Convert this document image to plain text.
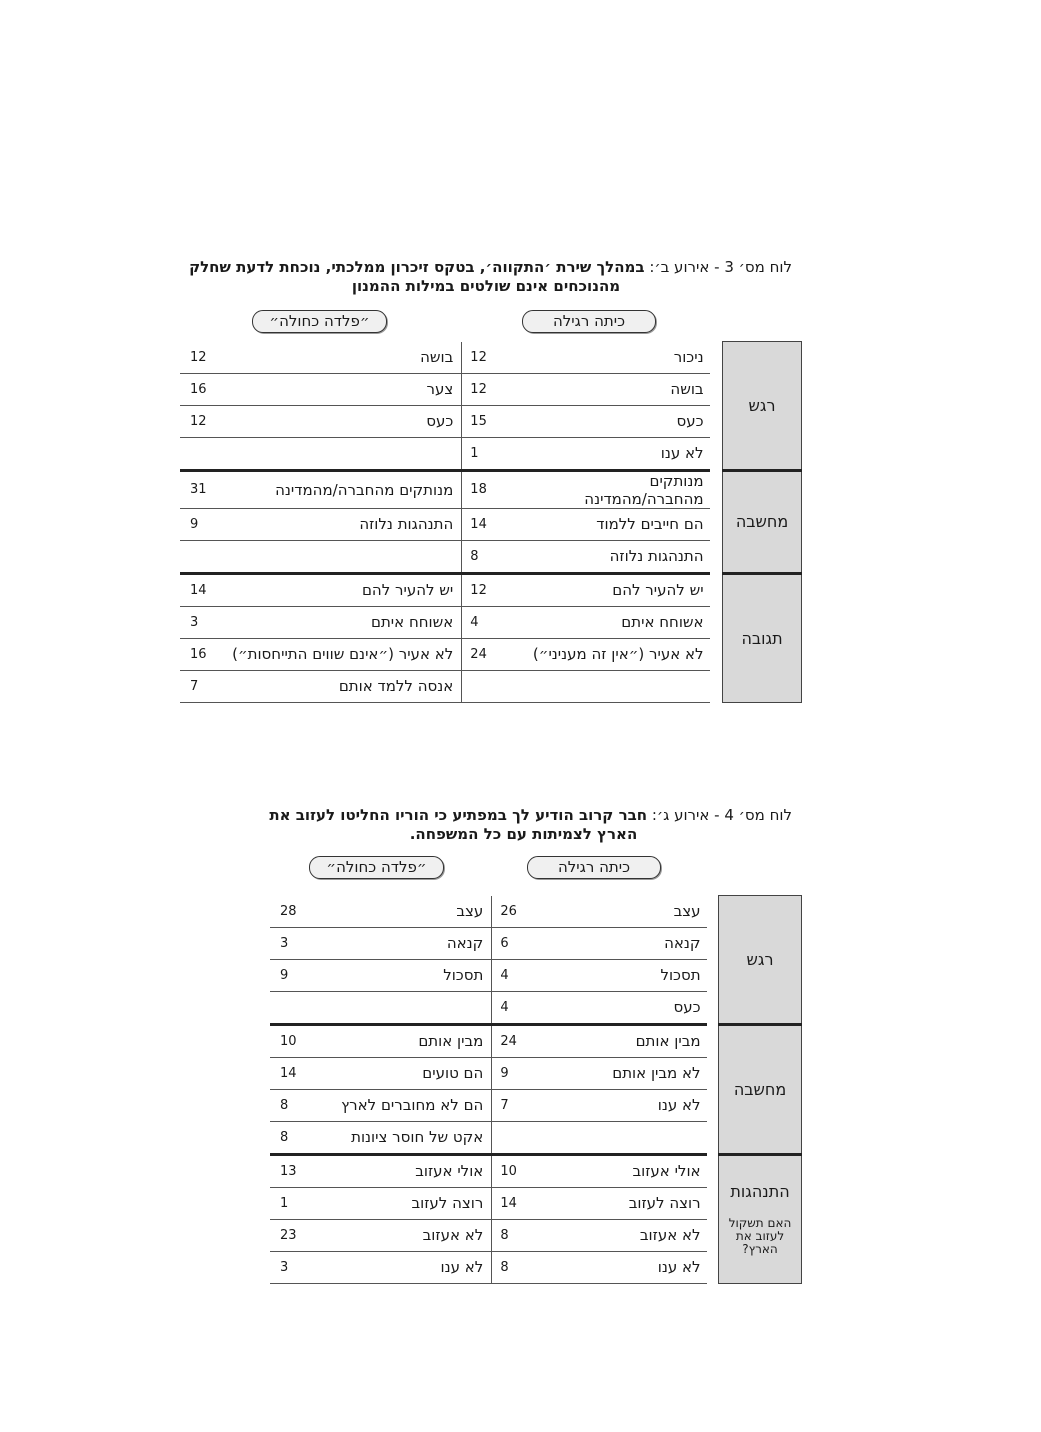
לוח מס׳ 3 - אירוע ב׳: במהלך שירת ׳התקווה׳, בטקס זיכרון ממלכתי, נוכחת לדעת שחלק
מהנוכחים אינם שולטים במילות ההמנון
כיתה רגילה
״פלדה כחולה״
רגש		ניכור	12	בושה	12
		בושה	12	צער	16
		כעס	15	כעס	12
		לא ענו	1		

מחשבה		מנותקים מהחברה/מהמדינה	18	מנותקים מהחברה/מהמדינה	31
		הם חייבים ללמוד	14	התנהגות נלוזה	9
		התנהגות נלוזה	8		

תגובה		יש להעיר להם	12	יש להעיר להם	14
		אשוחח איתם	4	אשוחח איתם	3
		לא אעיר (״אין זה מעניני״)	24	לא אעיר (״אינם שווים התייחסות״)	16
				אנסה ללמד אותם	7
לוח מס׳ 4 - אירוע ג׳: חבר קרוב הודיע לך במפתיע כי הוריו החליטו לעזוב את
הארץ לצמיתות עם כל המשפחה.
כיתה רגילה
״פלדה כחולה״
רגש		עצב	26	עצב	28
		קנאה	6	קנאה	3
		תסכול	4	תסכול	9
		כעס	4		

מחשבה		מבין אותם	24	מבין אותם	10
		לא מבין אותם	9	הם טועים	14
		לא ענו	7	הם לא מחוברים לארץ	8
				אקט של חוסר ציונות	8

התנהגות
האם תשקול לעזוב את הארץ?		אולי אעזוב	10	אולי אעזוב	13
		רוצה לעזוב	14	רוצה לעזוב	1
		לא אעזוב	8	לא אעזוב	23
		לא ענו	8	לא ענו	3
